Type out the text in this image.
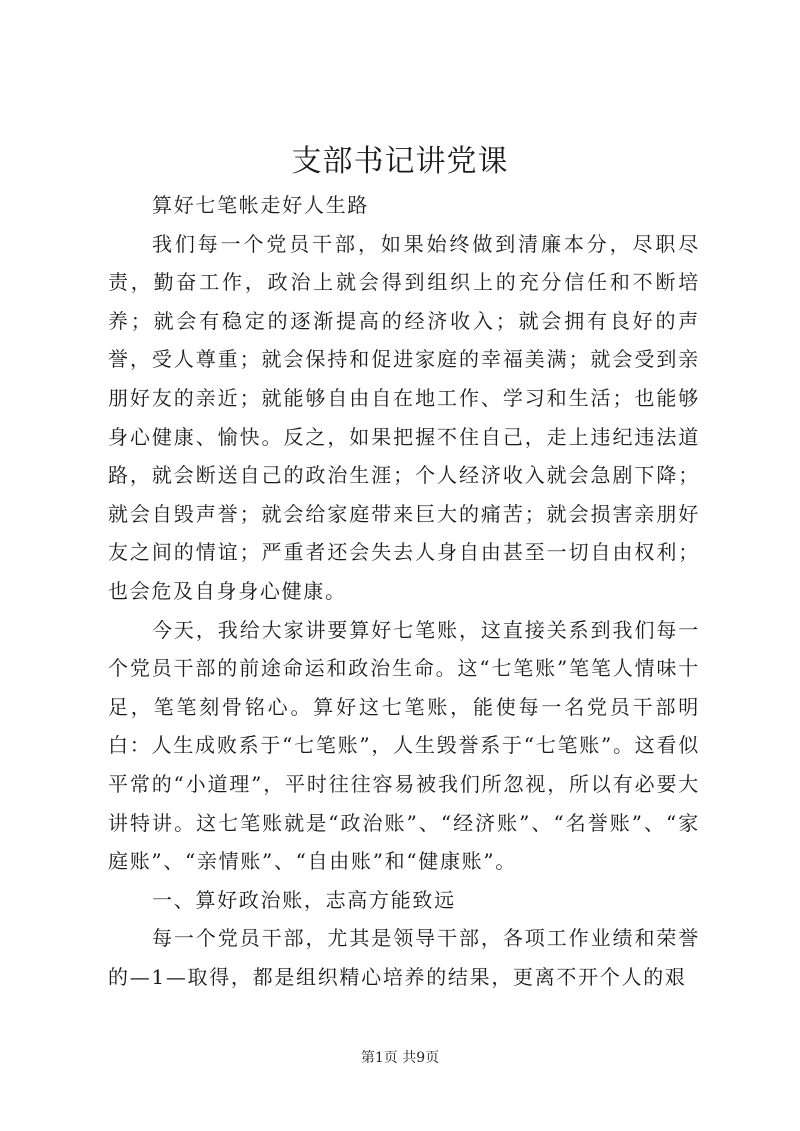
支部书记讲党课

算好七笔帐走好人生路

我们每一个党员干部，如果始终做到清廉本分，尽职尽责，勤奋工作，政治上就会得到组织上的充分信任和不断培养；就会有稳定的逐渐提高的经济收入；就会拥有良好的声誉，受人尊重；就会保持和促进家庭的幸福美满；就会受到亲朋好友的亲近；就能够自由自在地工作、学习和生活；也能够身心健康、愉快。反之，如果把握不住自己，走上违纪违法道路，就会断送自己的政治生涯；个人经济收入就会急剧下降；就会自毁声誉；就会给家庭带来巨大的痛苦；就会损害亲朋好友之间的情谊；严重者还会失去人身自由甚至一切自由权利；也会危及自身身心健康。

今天，我给大家讲要算好七笔账，这直接关系到我们每一个党员干部的前途命运和政治生命。这“七笔账”笔笔人情味十足，笔笔刻骨铭心。算好这七笔账，能使每一名党员干部明白：人生成败系于“七笔账”，人生毁誉系于“七笔账”。这看似平常的“小道理”，平时往往容易被我们所忽视，所以有必要大讲特讲。这七笔账就是“政治账”、“经济账”、“名誉账”、“家庭账”、“亲情账”、“自由账”和“健康账”。

一、算好政治账，志高方能致远

每一个党员干部，尤其是领导干部，各项工作业绩和荣誉的—1—取得，都是组织精心培养的结果，更离不开个人的艰

第1页 共9页
